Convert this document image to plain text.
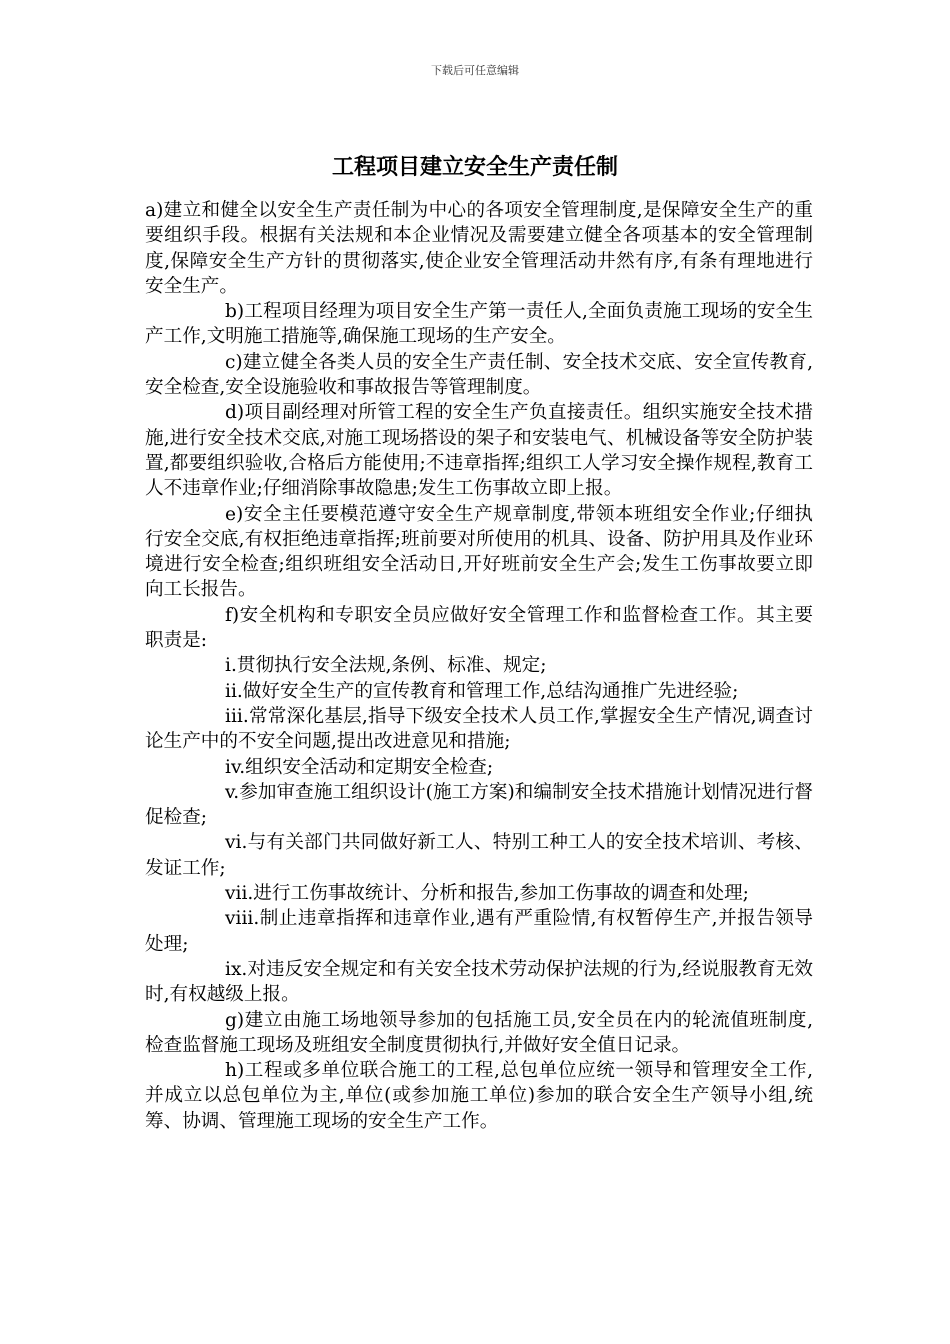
下载后可任意编辑
工程项目建立安全生产责任制

a)建立和健全以安全生产责任制为中心的各项安全管理制度,是保障安全生产的重要组织手段。根据有关法规和本企业情况及需要建立健全各项基本的安全管理制度,保障安全生产方针的贯彻落实,使企业安全管理活动井然有序,有条有理地进行安全生产。

b)工程项目经理为项目安全生产第一责任人,全面负责施工现场的安全生产工作,文明施工措施等,确保施工现场的生产安全。

c)建立健全各类人员的安全生产责任制、安全技术交底、安全宣传教育,安全检查,安全设施验收和事故报告等管理制度。

d)项目副经理对所管工程的安全生产负直接责任。组织实施安全技术措施,进行安全技术交底,对施工现场搭设的架子和安装电气、机械设备等安全防护装置,都要组织验收,合格后方能使用;不违章指挥;组织工人学习安全操作规程,教育工人不违章作业;仔细消除事故隐患;发生工伤事故立即上报。

e)安全主任要模范遵守安全生产规章制度,带领本班组安全作业;仔细执行安全交底,有权拒绝违章指挥;班前要对所使用的机具、设备、防护用具及作业环境进行安全检查;组织班组安全活动日,开好班前安全生产会;发生工伤事故要立即向工长报告。

f)安全机构和专职安全员应做好安全管理工作和监督检查工作。其主要职责是:

i.贯彻执行安全法规,条例、标准、规定;

ii.做好安全生产的宣传教育和管理工作,总结沟通推广先进经验;

iii.常常深化基层,指导下级安全技术人员工作,掌握安全生产情况,调查讨论生产中的不安全问题,提出改进意见和措施;

iv.组织安全活动和定期安全检查;

v.参加审查施工组织设计(施工方案)和编制安全技术措施计划情况进行督促检查;

vi.与有关部门共同做好新工人、特别工种工人的安全技术培训、考核、发证工作;

vii.进行工伤事故统计、分析和报告,参加工伤事故的调查和处理;

viii.制止违章指挥和违章作业,遇有严重险情,有权暂停生产,并报告领导处理;

ix.对违反安全规定和有关安全技术劳动保护法规的行为,经说服教育无效时,有权越级上报。

g)建立由施工场地领导参加的包括施工员,安全员在内的轮流值班制度,检查监督施工现场及班组安全制度贯彻执行,并做好安全值日记录。

h)工程或多单位联合施工的工程,总包单位应统一领导和管理安全工作,并成立以总包单位为主,单位(或参加施工单位)参加的联合安全生产领导小组,统筹、协调、管理施工现场的安全生产工作。
